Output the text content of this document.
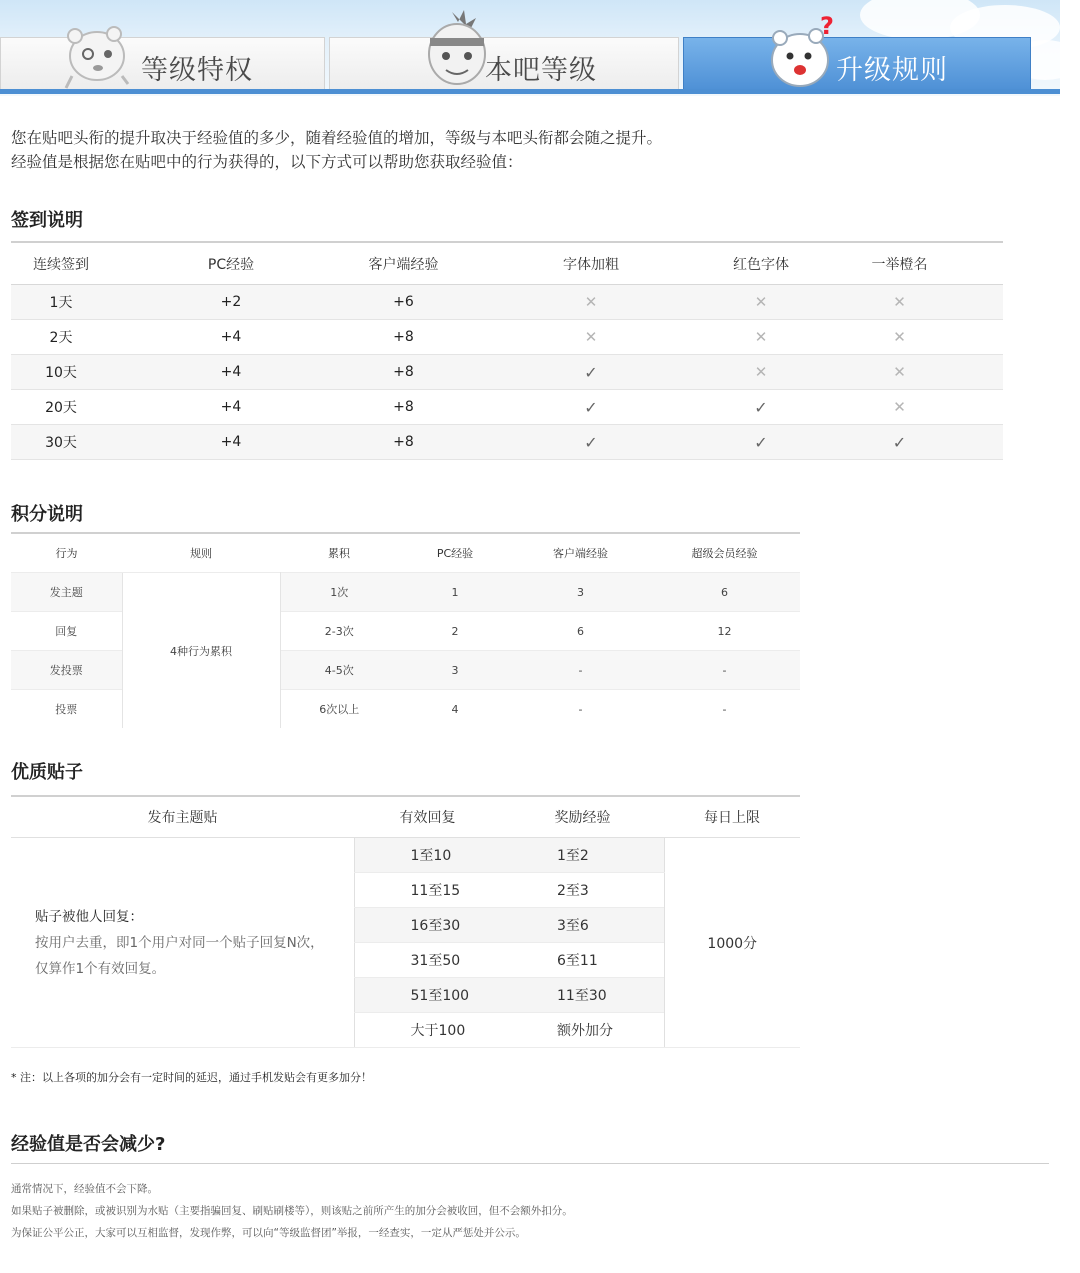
等级特权	本吧等级	升级规则
?
您在贴吧头衔的提升取决于经验值的多少，随着经验值的增加，等级与本吧头衔都会随之提升。
经验值是根据您在贴吧中的行为获得的，以下方式可以帮助您获取经验值：
签到说明
连续签到	PC经验	客户端经验	字体加粗	红色字体	一举橙名
1天	+2	+6	✕	✕	✕
2天	+4	+8	✕	✕	✕
10天	+4	+8	✓	✕	✕
20天	+4	+8	✓	✓	✕
30天	+4	+8	✓	✓	✓
积分说明
行为	规则	累积	PC经验	客户端经验	超级会员经验
发主题	4种行为累积	1次	1	3	6
回复		2-3次	2	6	12
发投票		4-5次	3	-	-
投票		6次以上	4	-	-
优质贴子
发布主题贴	有效回复	奖励经验	每日上限

贴子被他人回复：
按用户去重，即1个用户对同一个贴子回复N次，
仅算作1个有效回复。	1至10	1至2	1000分
	11至15	2至3	
	16至30	3至6	
	31至50	6至11	
	51至100	11至30	
	大于100	额外加分	
* 注：以上各项的加分会有一定时间的延迟，通过手机发贴会有更多加分！
经验值是否会减少?
通常情况下，经验值不会下降。
如果贴子被删除，或被识别为水贴（主要指骗回复、刷贴刷楼等），则该贴之前所产生的加分会被收回，但不会额外扣分。
为保证公平公正，大家可以互相监督，发现作弊，可以向“等级监督团”举报，一经查实，一定从严惩处并公示。
